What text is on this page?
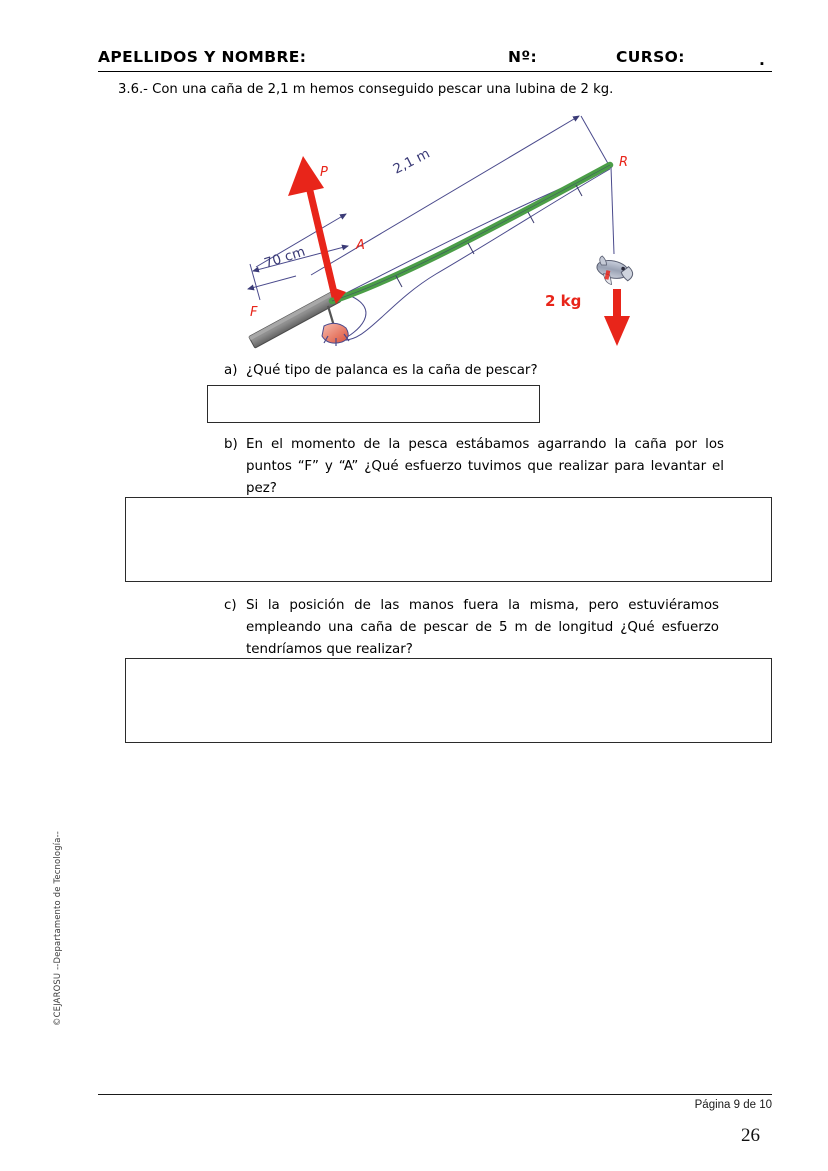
APELLIDOS Y NOMBRE:	Nº:	CURSO:	.
3.6.- Con una caña de 2,1 m hemos conseguido pescar una lubina de 2 kg.
P
A
F
R
2,1 m
70 cm
2 kg
a) ¿Qué tipo de palanca es la caña de pescar?
b) En el momento de la pesca estábamos agarrando la caña por los puntos “F” y “A” ¿Qué esfuerzo tuvimos que realizar para levantar el pez?
c) Si la posición de las manos fuera la misma, pero estuviéramos empleando una caña de pescar de 5 m de longitud ¿Qué esfuerzo tendríamos que realizar?
©CEJAROSU --Departamento de Tecnología--
Página 9 de 10
26
